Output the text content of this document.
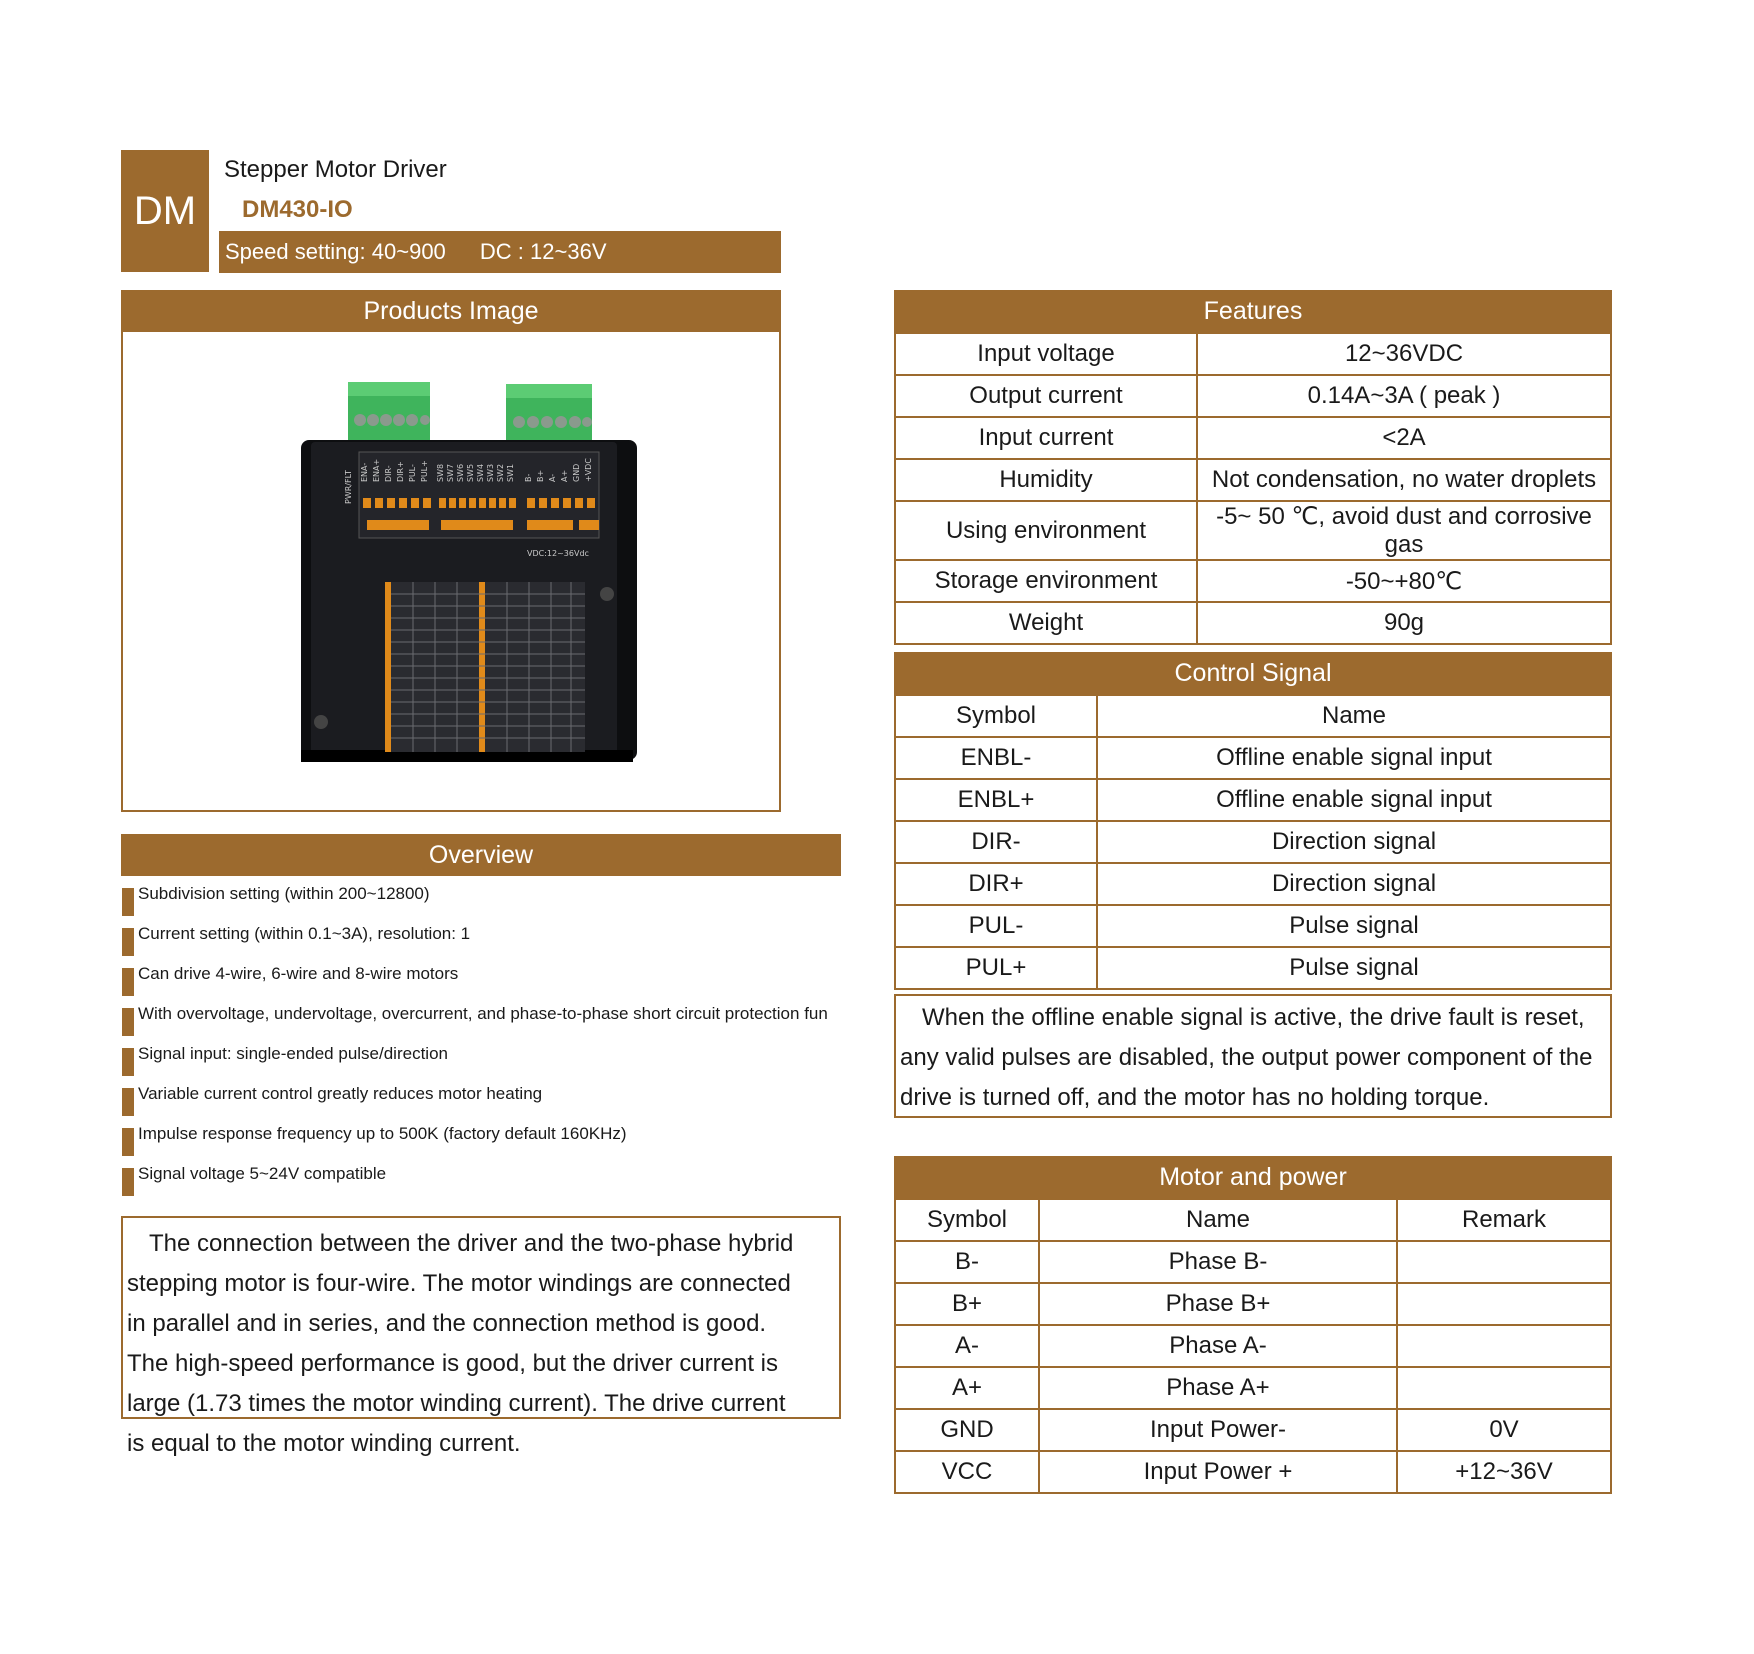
DM
Stepper Motor Driver
DM430-IO
Speed setting: 40~900 DC : 12~36V
Products Image
PWR/FLT ENA- ENA+ DIR- DIR+ PUL- PUL+ SW8 SW7 SW6 SW5 SW4 SW3 SW2 SW1 B- B+ A- A+ GND +VDC
VDC:12~36Vdc
Overview
Subdivision setting (within 200~12800)
Current setting (within 0.1~3A), resolution: 1
Can drive 4-wire, 6-wire and 8-wire motors
With overvoltage, undervoltage, overcurrent, and phase-to-phase short circuit protection fun
Signal input: single-ended pulse/direction
Variable current control greatly reduces motor heating
Impulse response frequency up to 500K (factory default 160KHz)
Signal voltage 5~24V compatible
The connection between the driver and the two-phase hybrid stepping motor is four-wire. The motor windings are connected in parallel and in series, and the connection method is good. The high-speed performance is good, but the driver current is large (1.73 times the motor winding current). The drive current is equal to the motor winding current.
Features
Input voltage	12~36VDC
Output current	0.14A~3A ( peak )
Input current	<2A
Humidity	Not condensation, no water droplets
Using environment	-5~ 50 ℃, avoid dust and corrosive gas
Storage environment	-50~+80℃
Weight	90g
Control Signal
Symbol	Name
ENBL-	Offline enable signal input
ENBL+	Offline enable signal input
DIR-	Direction signal
DIR+	Direction signal
PUL-	Pulse signal
PUL+	Pulse signal
When the offline enable signal is active, the drive fault is reset, any valid pulses are disabled, the output power component of the drive is turned off, and the motor has no holding torque.
Motor and power
Symbol	Name	Remark
B-	Phase B-	
B+	Phase B+	
A-	Phase A-	
A+	Phase A+	
GND	Input Power-	0V
VCC	Input Power +	+12~36V
